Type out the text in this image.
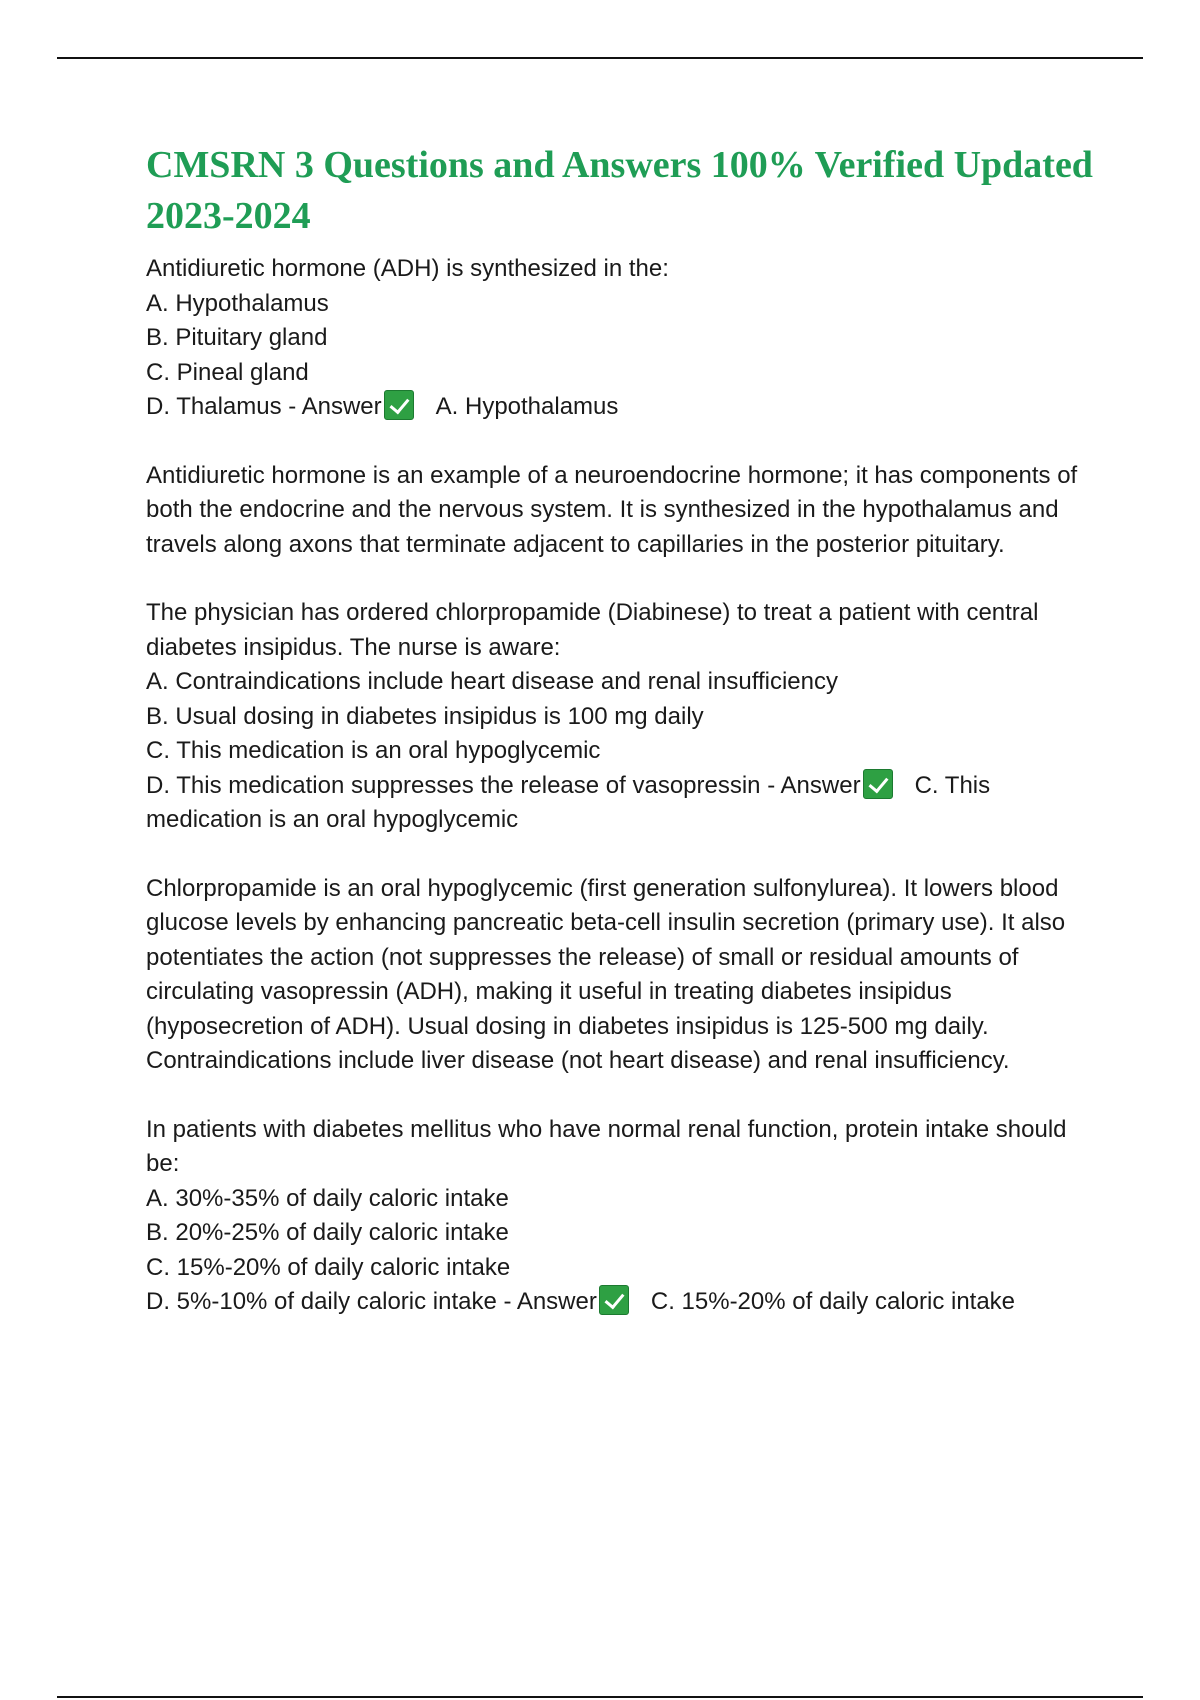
CMSRN 3 Questions and Answers 100% Verified Updated 2023-2024

Antidiuretic hormone (ADH) is synthesized in the:

A. Hypothalamus

B. Pituitary gland

C. Pineal gland

D. Thalamus - Answer A. Hypothalamus

Antidiuretic hormone is an example of a neuroendocrine hormone; it has components of both the endocrine and the nervous system. It is synthesized in the hypothalamus and travels along axons that terminate adjacent to capillaries in the posterior pituitary.

The physician has ordered chlorpropamide (Diabinese) to treat a patient with central diabetes insipidus. The nurse is aware:

A. Contraindications include heart disease and renal insufficiency

B. Usual dosing in diabetes insipidus is 100 mg daily

C. This medication is an oral hypoglycemic

D. This medication suppresses the release of vasopressin - Answer C. This medication is an oral hypoglycemic

Chlorpropamide is an oral hypoglycemic (first generation sulfonylurea). It lowers blood glucose levels by enhancing pancreatic beta-cell insulin secretion (primary use). It also potentiates the action (not suppresses the release) of small or residual amounts of circulating vasopressin (ADH), making it useful in treating diabetes insipidus (hyposecretion of ADH). Usual dosing in diabetes insipidus is 125-500 mg daily.

Contraindications include liver disease (not heart disease) and renal insufficiency.

In patients with diabetes mellitus who have normal renal function, protein intake should be:

A. 30%-35% of daily caloric intake

B. 20%-25% of daily caloric intake

C. 15%-20% of daily caloric intake

D. 5%-10% of daily caloric intake - Answer C. 15%-20% of daily caloric intake
